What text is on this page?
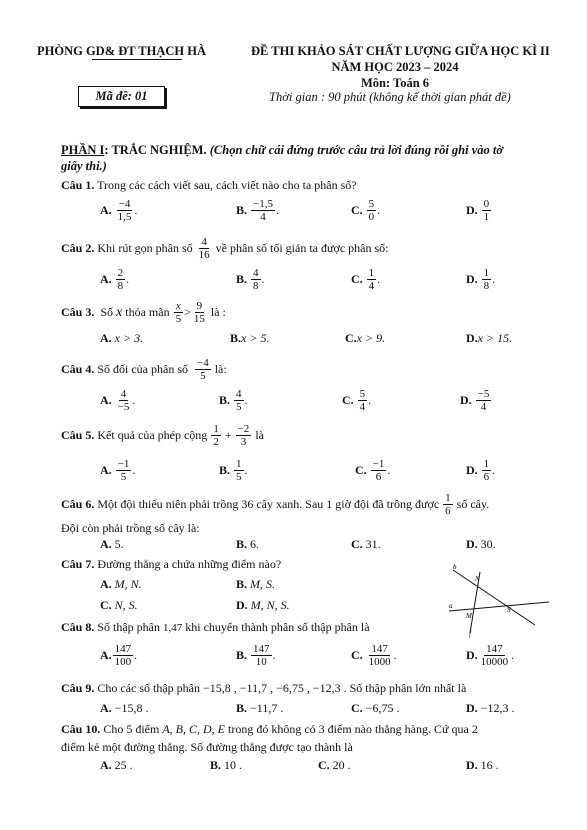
PHÒNG GD& ĐT THẠCH HÀ	ĐỀ THI KHẢO SÁT CHẤT LƯỢNG GIỮA HỌC KÌ II
NĂM HỌC 2023 – 2024
Môn: Toán 6
Mã đề: 01	Thời gian : 90 phút (không kể thời gian phát đề)
PHẦN I: TRẮC NGHIỆM. (Chọn chữ cái đứng trước câu trả lời đúng rồi ghi vào tờ
giấy thi.)
Câu 1. Trong các cách viết sau, cách viết nào cho ta phân số?
A. $\frac{-4}{1,5}$ .	B. $\frac{-1,5}{4}$ .	C. $\frac{5}{0}$ .	D. $\frac{0}{1}$
Câu 2.
Khi rút gọn phân số
$\frac{4}{16}$
về phân số tối giản ta được phân số:
A. $\frac{2}{8}$ .	B. $\frac{4}{8}$ .	C. $\frac{1}{4}$ .	D. $\frac{1}{8}$ .
Câu 3.
Số
x
thỏa mãn
$\frac{x}{5} > \frac{9}{15}$
là :
A. x > 3.	B. x > 5.	C. x > 9.	D. x > 15.
Câu 4.
Số đối của phân số
$\frac{-4}{5}$
là:
A. $\frac{4}{-5}$ .	B. $\frac{4}{5}$ .	C. $\frac{5}{4}$ .	D. $\frac{-5}{4}$
Câu 5.
Kết quả của phép cộng
$\frac{1}{2}$
+
$\frac{-2}{3}$
là
A. $\frac{-1}{5}$ .	B. $\frac{1}{5}$ .	C. $\frac{-1}{6}$ .	D. $\frac{1}{6}$ .
Câu 6.
Một đội thiếu niên phải trồng 36 cây xanh. Sau 1 giờ đội đã trồng được
$\frac{1}{6}$
số cây.
Đội còn phải trồng số cây là:
A. 5.	B. 6.	C. 31.	D. 30.
Câu 7. Đường thẳng a chứa những điểm nào?
A. M, N.	B. M, S.
C. N, S.	D. M, N, S.
b
N
a
M
S
f
Câu 8.
Số thập phân
1,47
khi chuyển thành phân số thập phân là
A. $\frac{147}{100}$ .	B. $\frac{147}{10}$ .	C. $\frac{147}{1000}$ .	D. $\frac{147}{10000}$ .
Câu 9. Cho các số thập phân −15,8 , −11,7 , −6,75 , −12,3 . Số thập phân lớn nhất là
A. −15,8 .	B. −11,7 .	C. −6,75 .	D. −12,3 .
Câu 10. Cho 5 điểm A, B, C, D, E trong đó không có 3 điểm nào thẳng hàng. Cứ qua 2
điểm kẻ một đường thẳng. Số đường thẳng được tạo thành là
A. 25 .	B. 10 .	C. 20 .	D. 16 .
